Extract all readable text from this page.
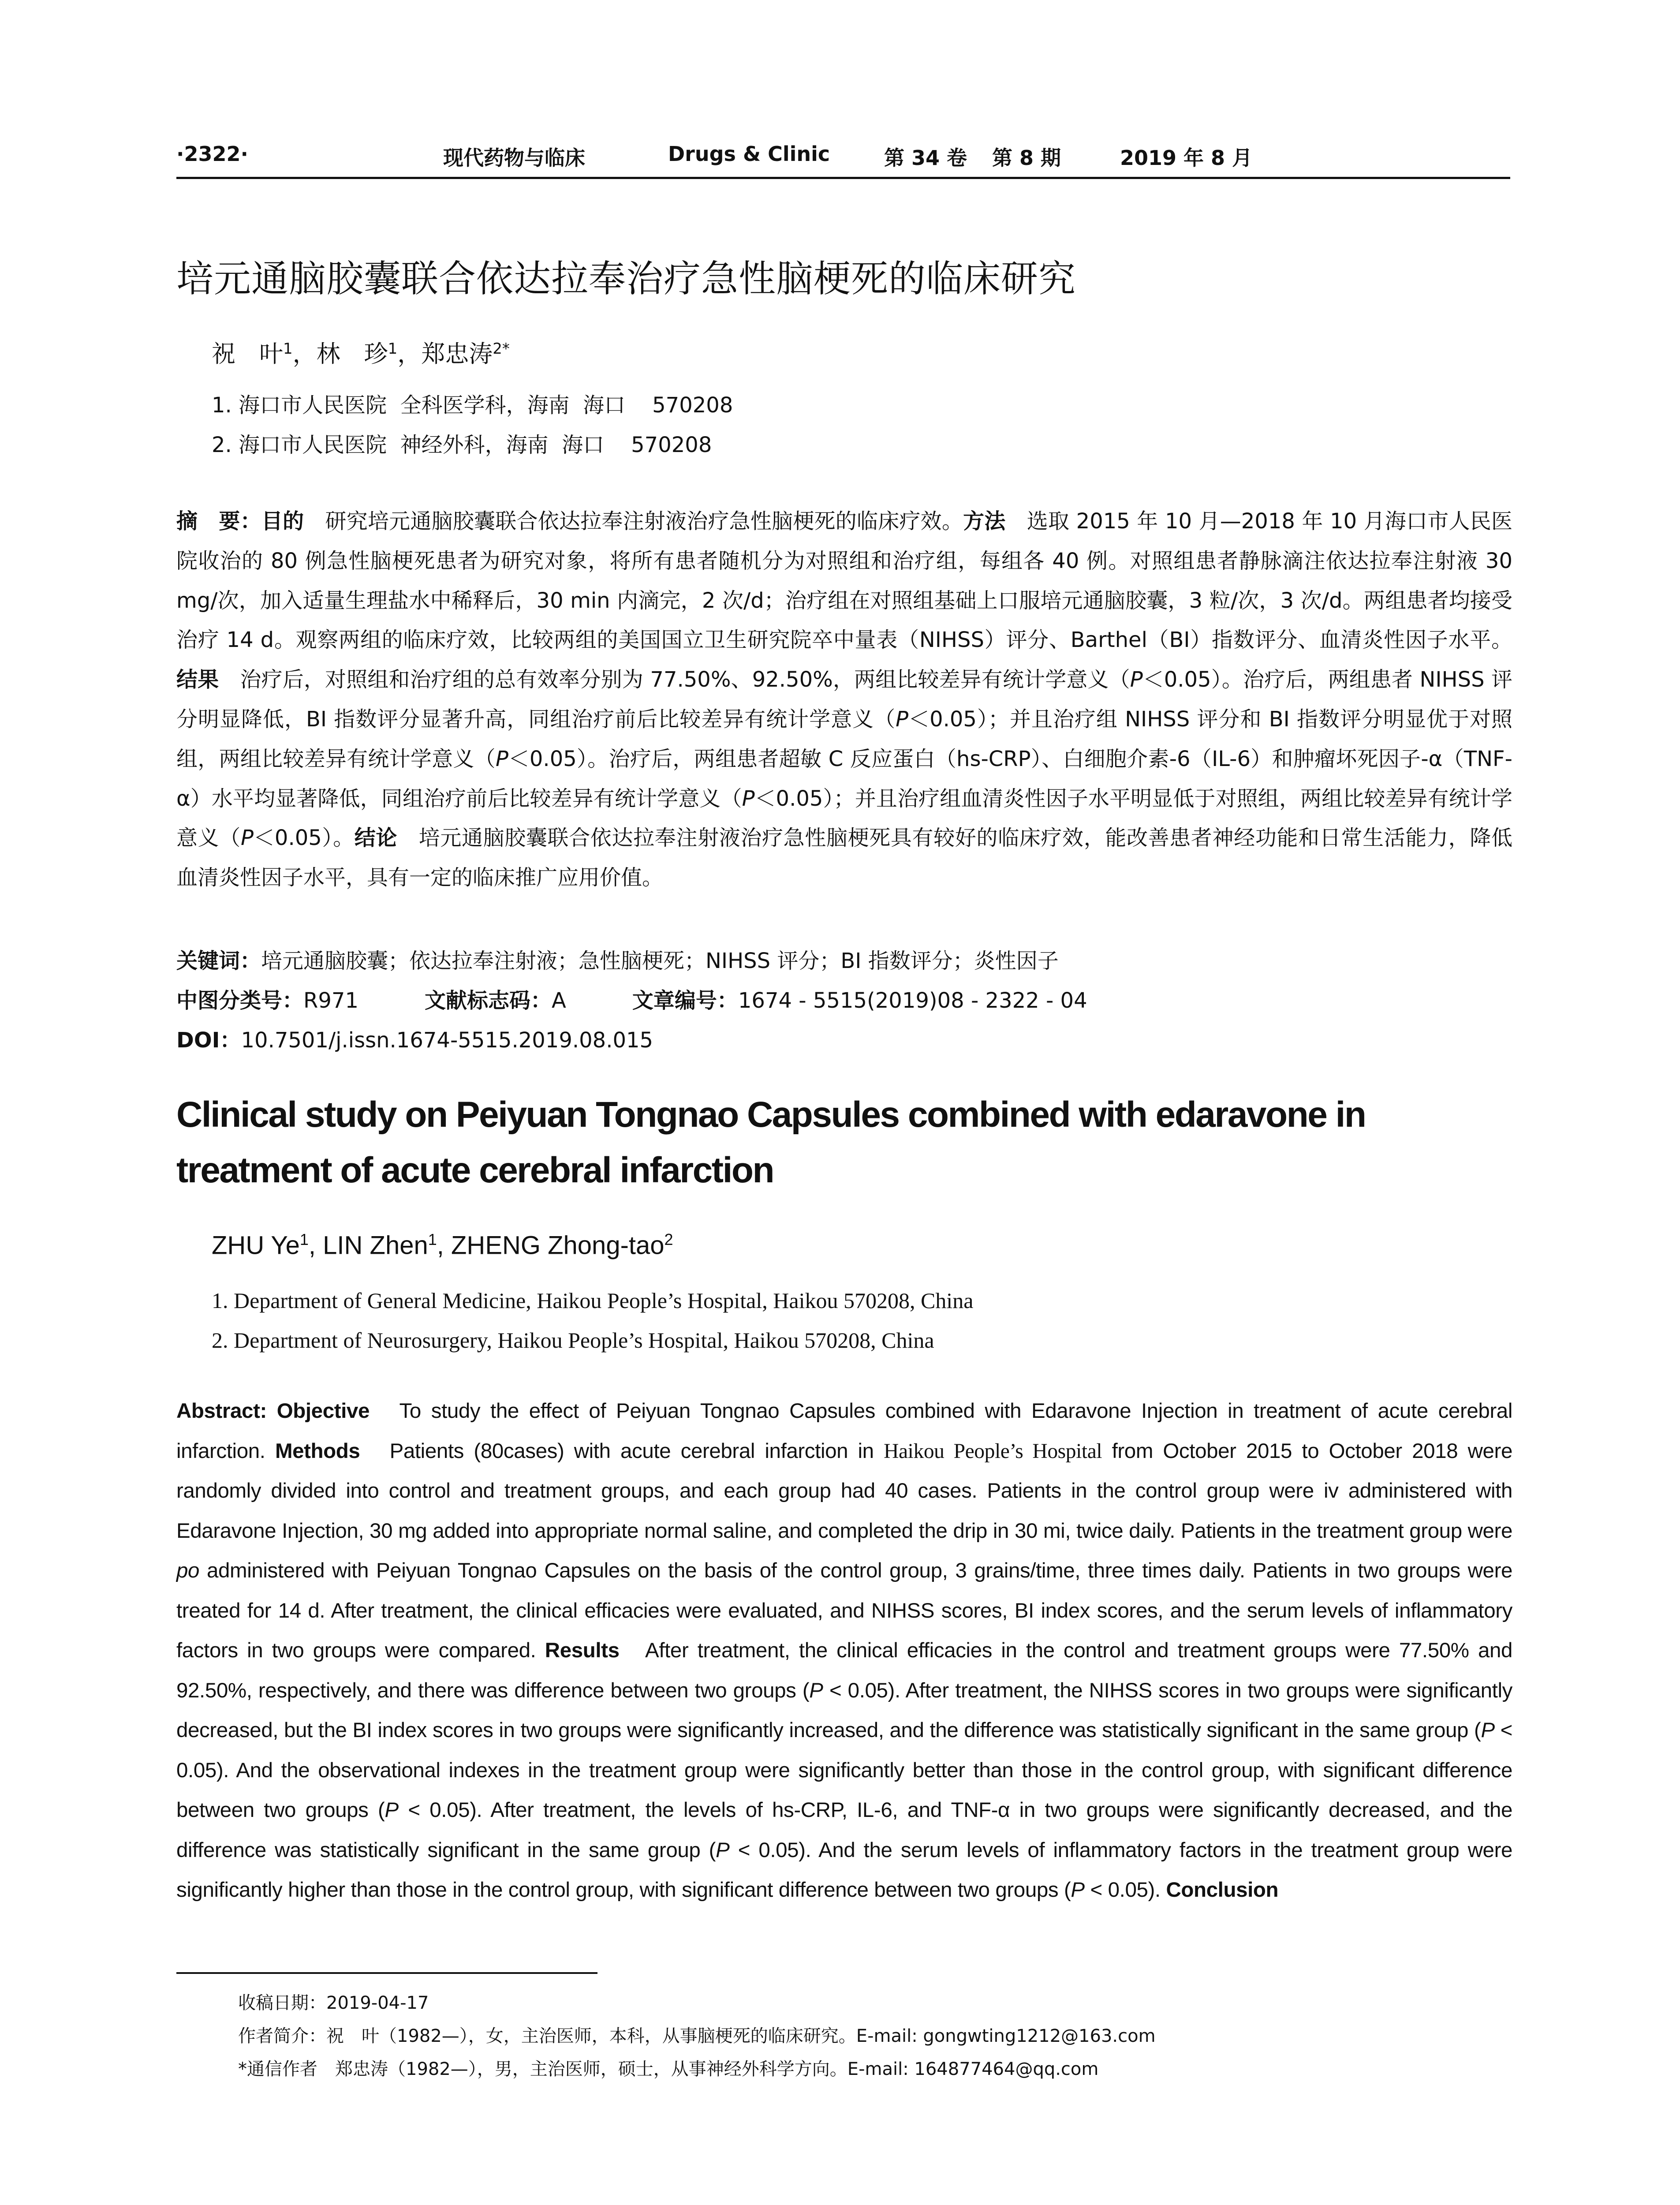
·2322·	现代药物与临床	Drugs & Clinic	第 34 卷 第 8 期	2019 年 8 月
培元通脑胶囊联合依达拉奉治疗急性脑梗死的临床研究
祝　叶$^1$，林　珍$^1$，郑忠涛$^{2*}$
1. 海口市人民医院  全科医学科，海南  海口    570208
2. 海口市人民医院  神经外科，海南  海口    570208
摘　要：目的　研究培元通脑胶囊联合依达拉奉注射液治疗急性脑梗死的临床疗效。方法　选取 2015 年 10 月—2018 年 10 月海口市人民医院收治的 80 例急性脑梗死患者为研究对象，将所有患者随机分为对照组和治疗组，每组各 40 例。对照组患者静脉滴注依达拉奉注射液 30 mg/次，加入适量生理盐水中稀释后，30 min 内滴完，2 次/d；治疗组在对照组基础上口服培元通脑胶囊，3 粒/次，3 次/d。两组患者均接受治疗 14 d。观察两组的临床疗效，比较两组的美国国立卫生研究院卒中量表（NIHSS）评分、Barthel（BI）指数评分、血清炎性因子水平。结果　治疗后，对照组和治疗组的总有效率分别为 77.50%、92.50%，两组比较差异有统计学意义（P＜0.05）。治疗后，两组患者 NIHSS 评分明显降低，BI 指数评分显著升高，同组治疗前后比较差异有统计学意义（P＜0.05）；并且治疗组 NIHSS 评分和 BI 指数评分明显优于对照组，两组比较差异有统计学意义（P＜0.05）。治疗后，两组患者超敏 C 反应蛋白（hs-CRP）、白细胞介素-6（IL-6）和肿瘤坏死因子-α（TNF-α）水平均显著降低，同组治疗前后比较差异有统计学意义（P＜0.05）；并且治疗组血清炎性因子水平明显低于对照组，两组比较差异有统计学意义（P＜0.05）。结论　培元通脑胶囊联合依达拉奉注射液治疗急性脑梗死具有较好的临床疗效，能改善患者神经功能和日常生活能力，降低血清炎性因子水平，具有一定的临床推广应用价值。
关键词：培元通脑胶囊；依达拉奉注射液；急性脑梗死；NIHSS 评分；BI 指数评分；炎性因子
中图分类号：R971	文献标志码：A	文章编号：1674 - 5515(2019)08 - 2322 - 04
DOI：10.7501/j.issn.1674-5515.2019.08.015
Clinical study on Peiyuan Tongnao Capsules combined with edaravone in treatment of acute cerebral infarction
ZHU Ye$^1$, LIN Zhen$^1$, ZHENG Zhong-tao$^2$
1. Department of General Medicine, Haikou People’s Hospital, Haikou 570208, China
2. Department of Neurosurgery, Haikou People’s Hospital, Haikou 570208, China
Abstract: Objective   To study the effect of Peiyuan Tongnao Capsules combined with Edaravone Injection in treatment of acute cerebral infarction. Methods   Patients (80cases) with acute cerebral infarction in Haikou People’s Hospital from October 2015 to October 2018 were randomly divided into control and treatment groups, and each group had 40 cases. Patients in the control group were iv administered with Edaravone Injection, 30 mg added into appropriate normal saline, and completed the drip in 30 mi, twice daily. Patients in the treatment group were po administered with Peiyuan Tongnao Capsules on the basis of the control group, 3 grains/time, three times daily. Patients in two groups were treated for 14 d. After treatment, the clinical efficacies were evaluated, and NIHSS scores, BI index scores, and the serum levels of inflammatory factors in two groups were compared. Results   After treatment, the clinical efficacies in the control and treatment groups were 77.50% and 92.50%, respectively, and there was difference between two groups (P < 0.05). After treatment, the NIHSS scores in two groups were significantly decreased, but the BI index scores in two groups were significantly increased, and the difference was statistically significant in the same group (P < 0.05). And the observational indexes in the treatment group were significantly better than those in the control group, with significant difference between two groups (P < 0.05). After treatment, the levels of hs-CRP, IL-6, and TNF-α in two groups were significantly decreased, and the difference was statistically significant in the same group (P < 0.05). And the serum levels of inflammatory factors in the treatment group were significantly higher than those in the control group, with significant difference between two groups (P < 0.05). Conclusion
收稿日期：2019-04-17
作者简介：祝　叶（1982—），女，主治医师，本科，从事脑梗死的临床研究。E-mail: gongwting1212@163.com
*通信作者　郑忠涛（1982—），男，主治医师，硕士，从事神经外科学方向。E-mail: 164877464@qq.com
